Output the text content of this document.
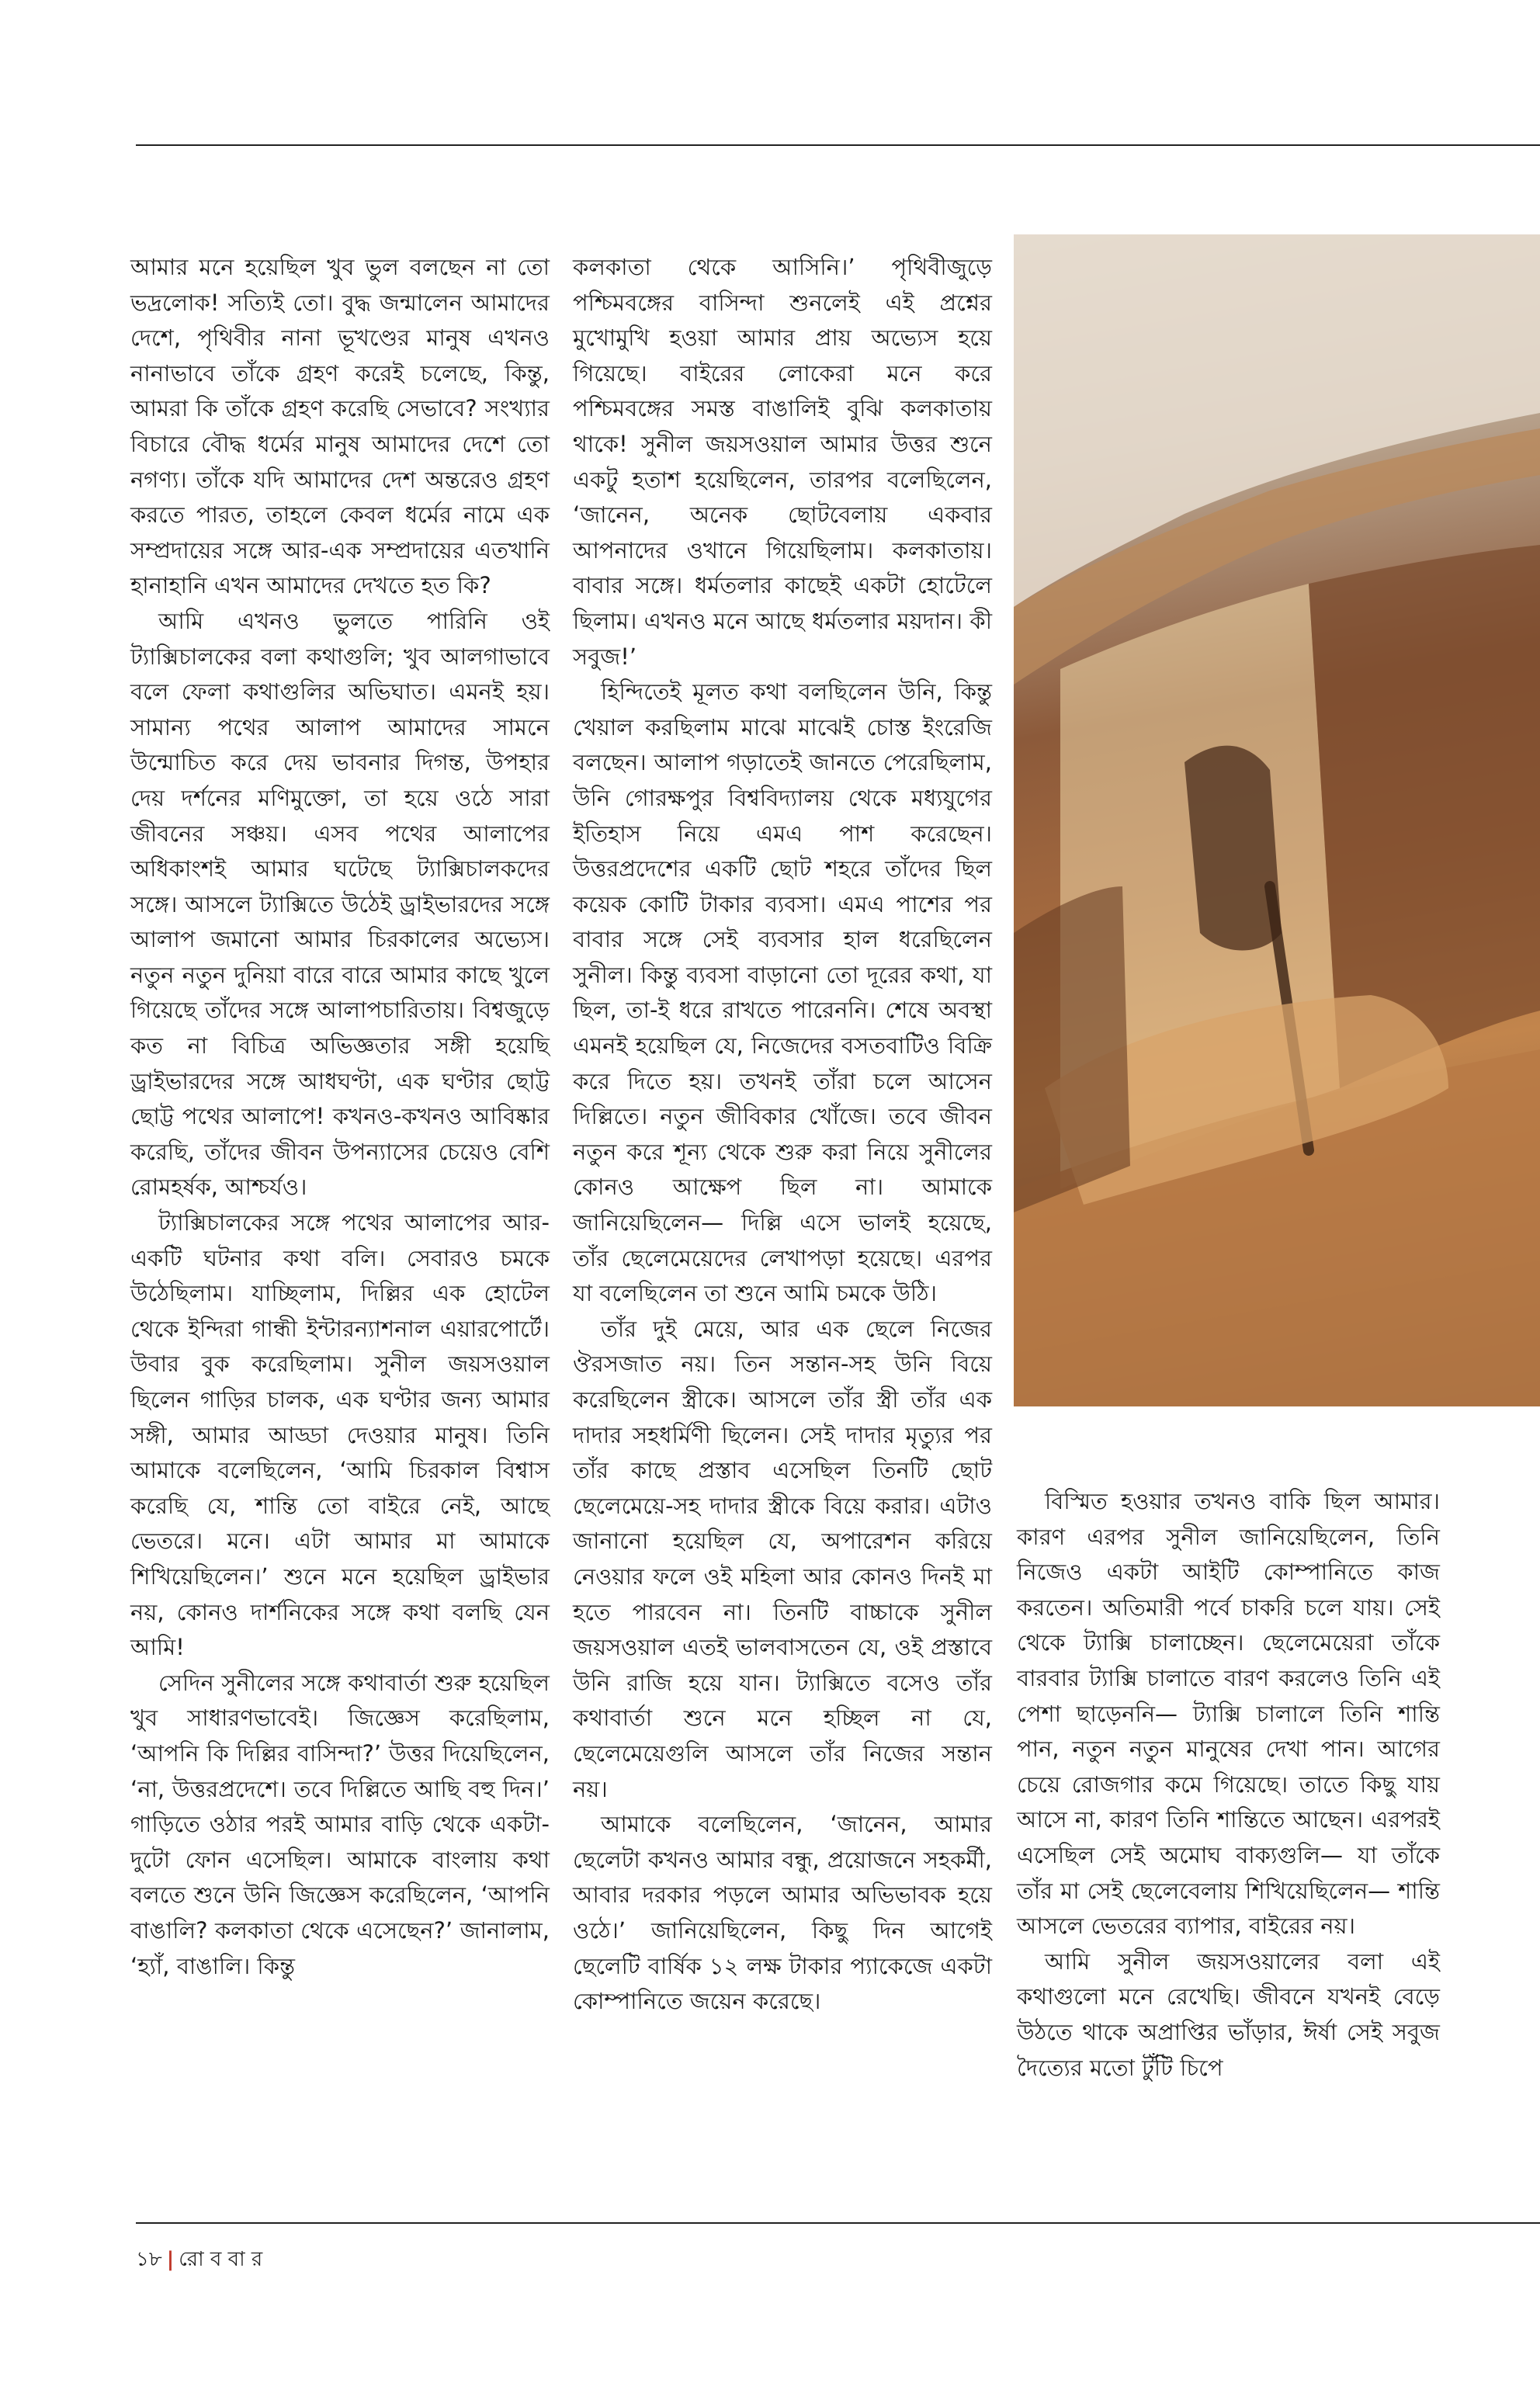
আমার মনে হয়েছিল খুব ভুল বলছেন না তো ভদ্রলোক! সত্যিই তো। বুদ্ধ জন্মালেন আমাদের দেশে, পৃথিবীর নানা ভূখণ্ডের মানুষ এখনও নানাভাবে তাঁকে গ্রহণ করেই চলেছে, কিন্তু, আমরা কি তাঁকে গ্রহণ করেছি সেভাবে? সংখ্যার বিচারে বৌদ্ধ ধর্মের মানুষ আমাদের দেশে তো নগণ্য। তাঁকে যদি আমাদের দেশ অন্তরেও গ্রহণ করতে পারত, তাহলে কেবল ধর্মের নামে এক সম্প্রদায়ের সঙ্গে আর-এক সম্প্রদায়ের এতখানি হানাহানি এখন আমাদের দেখতে হত কি?

আমি এখনও ভুলতে পারিনি ওই ট্যাক্সিচালকের বলা কথাগুলি; খুব আলগাভাবে বলে ফেলা কথাগুলির অভিঘাত। এমনই হয়। সামান্য পথের আলাপ আমাদের সামনে উন্মোচিত করে দেয় ভাবনার দিগন্ত, উপহার দেয় দর্শনের মণিমুক্তো, তা হয়ে ওঠে সারা জীবনের সঞ্চয়। এসব পথের আলাপের অধিকাংশই আমার ঘটেছে ট্যাক্সিচালকদের সঙ্গে। আসলে ট্যাক্সিতে উঠেই ড্রাইভারদের সঙ্গে আলাপ জমানো আমার চিরকালের অভ্যেস। নতুন নতুন দুনিয়া বারে বারে আমার কাছে খুলে গিয়েছে তাঁদের সঙ্গে আলাপচারিতায়। বিশ্বজুড়ে কত না বিচিত্র অভিজ্ঞতার সঙ্গী হয়েছি ড্রাইভারদের সঙ্গে আধঘণ্টা, এক ঘণ্টার ছোট্ট ছোট্ট পথের আলাপে! কখনও-কখনও আবিষ্কার করেছি, তাঁদের জীবন উপন্যাসের চেয়েও বেশি রোমহর্ষক, আশ্চর্যও।

ট্যাক্সিচালকের সঙ্গে পথের আলাপের আর-একটি ঘটনার কথা বলি। সেবারও চমকে উঠেছিলাম। যাচ্ছিলাম, দিল্লির এক হোটেল থেকে ইন্দিরা গান্ধী ইন্টারন্যাশনাল এয়ারপোর্টে। উবার বুক করেছিলাম। সুনীল জয়সওয়াল ছিলেন গাড়ির চালক, এক ঘণ্টার জন্য আমার সঙ্গী, আমার আড্ডা দেওয়ার মানুষ। তিনি আমাকে বলেছিলেন, ‘আমি চিরকাল বিশ্বাস করেছি যে, শান্তি তো বাইরে নেই, আছে ভেতরে। মনে। এটা আমার মা আমাকে শিখিয়েছিলেন।’ শুনে মনে হয়েছিল ড্রাইভার নয়, কোনও দার্শনিকের সঙ্গে কথা বলছি যেন আমি!

সেদিন সুনীলের সঙ্গে কথাবার্তা শুরু হয়েছিল খুব সাধারণভাবেই। জিজ্ঞেস করেছিলাম, ‘আপনি কি দিল্লির বাসিন্দা?’ উত্তর দিয়েছিলেন, ‘না, উত্তরপ্রদেশে। তবে দিল্লিতে আছি বহু দিন।’ গাড়িতে ওঠার পরই আমার বাড়ি থেকে একটা-দুটো ফোন এসেছিল। আমাকে বাংলায় কথা বলতে শুনে উনি জিজ্ঞেস করেছিলেন, ‘আপনি বাঙালি? কলকাতা থেকে এসেছেন?’ জানালাম, ‘হ্যাঁ, বাঙালি। কিন্তু

কলকাতা থেকে আসিনি।’ পৃথিবীজুড়ে পশ্চিমবঙ্গের বাসিন্দা শুনলেই এই প্রশ্নের মুখোমুখি হওয়া আমার প্রায় অভ্যেস হয়ে গিয়েছে। বাইরের লোকেরা মনে করে পশ্চিমবঙ্গের সমস্ত বাঙালিই বুঝি কলকাতায় থাকে! সুনীল জয়সওয়াল আমার উত্তর শুনে একটু হতাশ হয়েছিলেন, তারপর বলেছিলেন, ‘জানেন, অনেক ছোটবেলায় একবার আপনাদের ওখানে গিয়েছিলাম। কলকাতায়। বাবার সঙ্গে। ধর্মতলার কাছেই একটা হোটেলে ছিলাম। এখনও মনে আছে ধর্মতলার ময়দান। কী সবুজ!’

হিন্দিতেই মূলত কথা বলছিলেন উনি, কিন্তু খেয়াল করছিলাম মাঝে মাঝেই চোস্ত ইংরেজি বলছেন। আলাপ গড়াতেই জানতে পেরেছিলাম, উনি গোরক্ষপুর বিশ্ববিদ্যালয় থেকে মধ্যযুগের ইতিহাস নিয়ে এমএ পাশ করেছেন। উত্তরপ্রদেশের একটি ছোট শহরে তাঁদের ছিল কয়েক কোটি টাকার ব্যবসা। এমএ পাশের পর বাবার সঙ্গে সেই ব্যবসার হাল ধরেছিলেন সুনীল। কিন্তু ব্যবসা বাড়ানো তো দূরের কথা, যা ছিল, তা-ই ধরে রাখতে পারেননি। শেষে অবস্থা এমনই হয়েছিল যে, নিজেদের বসতবাটিও বিক্রি করে দিতে হয়। তখনই তাঁরা চলে আসেন দিল্লিতে। নতুন জীবিকার খোঁজে। তবে জীবন নতুন করে শূন্য থেকে শুরু করা নিয়ে সুনীলের কোনও আক্ষেপ ছিল না। আমাকে জানিয়েছিলেন— দিল্লি এসে ভালই হয়েছে, তাঁর ছেলেমেয়েদের লেখাপড়া হয়েছে। এরপর যা বলেছিলেন তা শুনে আমি চমকে উঠি।

তাঁর দুই মেয়ে, আর এক ছেলে নিজের ঔরসজাত নয়। তিন সন্তান-সহ উনি বিয়ে করেছিলেন স্ত্রীকে। আসলে তাঁর স্ত্রী তাঁর এক দাদার সহধর্মিণী ছিলেন। সেই দাদার মৃত্যুর পর তাঁর কাছে প্রস্তাব এসেছিল তিনটি ছোট ছেলেমেয়ে-সহ দাদার স্ত্রীকে বিয়ে করার। এটাও জানানো হয়েছিল যে, অপারেশন করিয়ে নেওয়ার ফলে ওই মহিলা আর কোনও দিনই মা হতে পারবেন না। তিনটি বাচ্চাকে সুনীল জয়সওয়াল এতই ভালবাসতেন যে, ওই প্রস্তাবে উনি রাজি হয়ে যান। ট্যাক্সিতে বসেও তাঁর কথাবার্তা শুনে মনে হচ্ছিল না যে, ছেলেমেয়েগুলি আসলে তাঁর নিজের সন্তান নয়।

আমাকে বলেছিলেন, ‘জানেন, আমার ছেলেটা কখনও আমার বন্ধু, প্রয়োজনে সহকর্মী, আবার দরকার পড়লে আমার অভিভাবক হয়ে ওঠে।’ জানিয়েছিলেন, কিছু দিন আগেই ছেলেটি বার্ষিক ১২ লক্ষ টাকার প্যাকেজে একটা কোম্পানিতে জয়েন করেছে।

বিস্মিত হওয়ার তখনও বাকি ছিল আমার। কারণ এরপর সুনীল জানিয়েছিলেন, তিনি নিজেও একটা আইটি কোম্পানিতে কাজ করতেন। অতিমারী পর্বে চাকরি চলে যায়। সেই থেকে ট্যাক্সি চালাচ্ছেন। ছেলেমেয়েরা তাঁকে বারবার ট্যাক্সি চালাতে বারণ করলেও তিনি এই পেশা ছাড়েননি— ট্যাক্সি চালালে তিনি শান্তি পান, নতুন নতুন মানুষের দেখা পান। আগের চেয়ে রোজগার কমে গিয়েছে। তাতে কিছু যায় আসে না, কারণ তিনি শান্তিতে আছেন। এরপরই এসেছিল সেই অমোঘ বাক্যগুলি— যা তাঁকে তাঁর মা সেই ছেলেবেলায় শিখিয়েছিলেন— শান্তি আসলে ভেতরের ব্যাপার, বাইরের নয়।

আমি সুনীল জয়সওয়ালের বলা এই কথাগুলো মনে রেখেছি। জীবনে যখনই বেড়ে উঠতে থাকে অপ্রাপ্তির ভাঁড়ার, ঈর্ষা সেই সবুজ দৈত্যের মতো টুঁটি চিপে

১৮ | রো ব বা র
